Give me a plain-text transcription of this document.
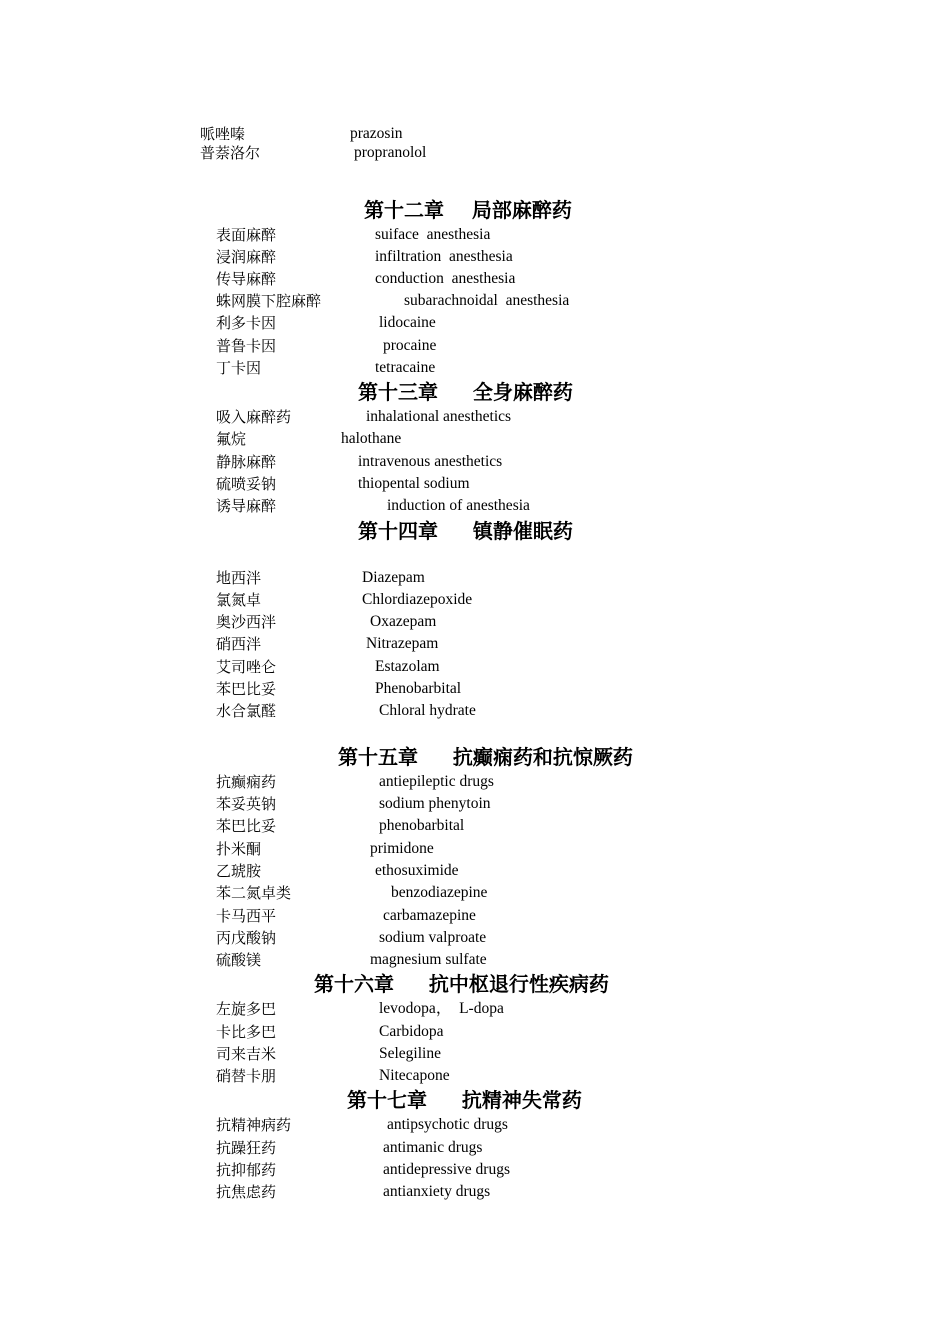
哌唑嗪	prazosin
普萘洛尔	propranolol
第十二章 局部麻醉药
表面麻醉	suiface  anesthesia
浸润麻醉	infiltration  anesthesia
传导麻醉	conduction  anesthesia
蛛网膜下腔麻醉	subarachnoidal  anesthesia
利多卡因	lidocaine
普鲁卡因	procaine
丁卡因	tetracaine
第十三章 全身麻醉药
吸入麻醉药	inhalational anesthetics
氟烷	halothane
静脉麻醉	intravenous anesthetics
硫喷妥钠	thiopental sodium
诱导麻醉	induction of anesthesia
第十四章 镇静催眠药
地西泮	Diazepam
氯氮卓	Chlordiazepoxide
奥沙西泮	Oxazepam
硝西泮	Nitrazepam
艾司唑仑	Estazolam
苯巴比妥	Phenobarbital
水合氯醛	Chloral hydrate
第十五章 抗癫痫药和抗惊厥药
抗癫痫药	antiepileptic drugs
苯妥英钠	sodium phenytoin
苯巴比妥	phenobarbital
扑米酮	primidone
乙琥胺	ethosuximide
苯二氮卓类	benzodiazepine
卡马西平	carbamazepine
丙戊酸钠	sodium valproate
硫酸镁	magnesium sulfate
第十六章 抗中枢退行性疾病药
左旋多巴	levodopa，  L-dopa
卡比多巴	Carbidopa
司来吉米	Selegiline
硝替卡朋	Nitecapone
第十七章 抗精神失常药
抗精神病药	antipsychotic drugs
抗躁狂药	antimanic drugs
抗抑郁药	antidepressive drugs
抗焦虑药	antianxiety drugs
